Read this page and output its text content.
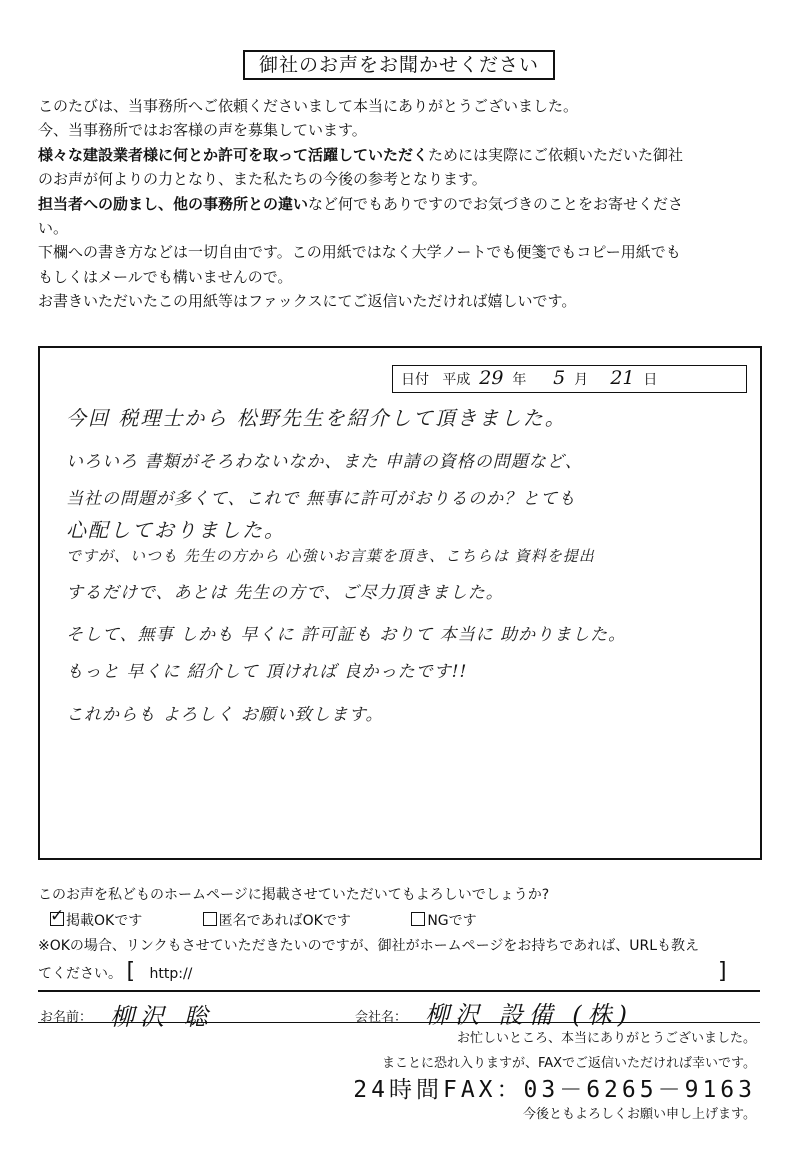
御社のお声をお聞かせください

このたびは、当事務所へご依頼くださいまして本当にありがとうございました。

今、当事務所ではお客様の声を募集しています。

様々な建設業者様に何とか許可を取って活躍していただくためには実際にご依頼いただいた御社

のお声が何よりの力となり、また私たちの今後の参考となります。

担当者への励まし、他の事務所との違いなど何でもありですのでお気づきのことをお寄せくださ

い。

下欄への書き方などは一切自由です。この用紙ではなく大学ノートでも便箋でもコピー用紙でも

もしくはメールでも構いませんので。

お書きいただいたこの用紙等はファックスにてご返信いただければ嬉しいです。

日付 平成 29 年 5 月 21 日
今回 税理士から 松野先生を紹介して頂きました。
いろいろ 書類がそろわないなか、また 申請の資格の問題など、
当社の問題が多くて、これで 無事に許可がおりるのか？とても
心配しておりました。
ですが、いつも 先生の方から 心強いお言葉を頂き、こちらは 資料を提出
するだけで、あとは 先生の方で、ご尽力頂きました。
そして、無事 しかも 早くに 許可証も おりて 本当に 助かりました。
もっと 早くに 紹介して 頂ければ 良かったです!!
これからも よろしく お願い致します。
このお声を私どものホームページに掲載させていただいてもよろしいでしょうか?
✓掲載OKです	匿名であればOKです	NGです
※OKの場合、リンクもさせていただきたいのですが、御社がホームページをお持ちであれば、URLも教え
てください。 [ http://	]
お名前： 柳沢 聡	会社名： 柳沢 設備 (株)
お忙しいところ、本当にありがとうございました。
まことに恐れ入りますが、FAXでご返信いただければ幸いです。
24時間FAX：03－6265－9163
今後ともよろしくお願い申し上げます。
